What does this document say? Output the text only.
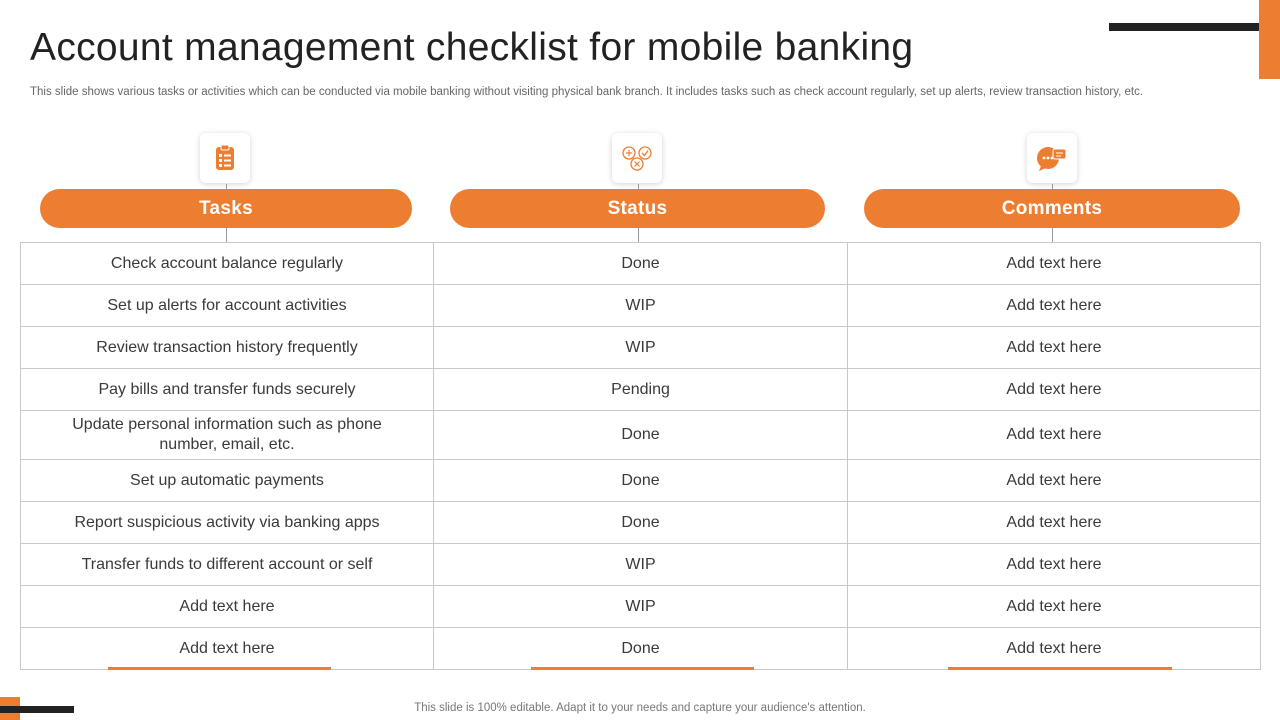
Account management checklist for mobile banking

This slide shows various tasks or activities which can be conducted via mobile banking without visiting physical bank branch. It includes tasks such as check account regularly, set up alerts, review transaction history, etc.

Tasks	Status	Comments
Check account balance regularly	Done	Add text here
Set up alerts for account activities	WIP	Add text here
Review transaction history frequently	WIP	Add text here
Pay bills and transfer funds securely	Pending	Add text here
Update personal information such as phone number, email, etc.	Done	Add text here
Set up automatic payments	Done	Add text here
Report suspicious activity via banking apps	Done	Add text here
Transfer funds to different account or self	WIP	Add text here
Add text here	WIP	Add text here
Add text here	Done	Add text here
This slide is 100% editable. Adapt it to your needs and capture your audience's attention.
